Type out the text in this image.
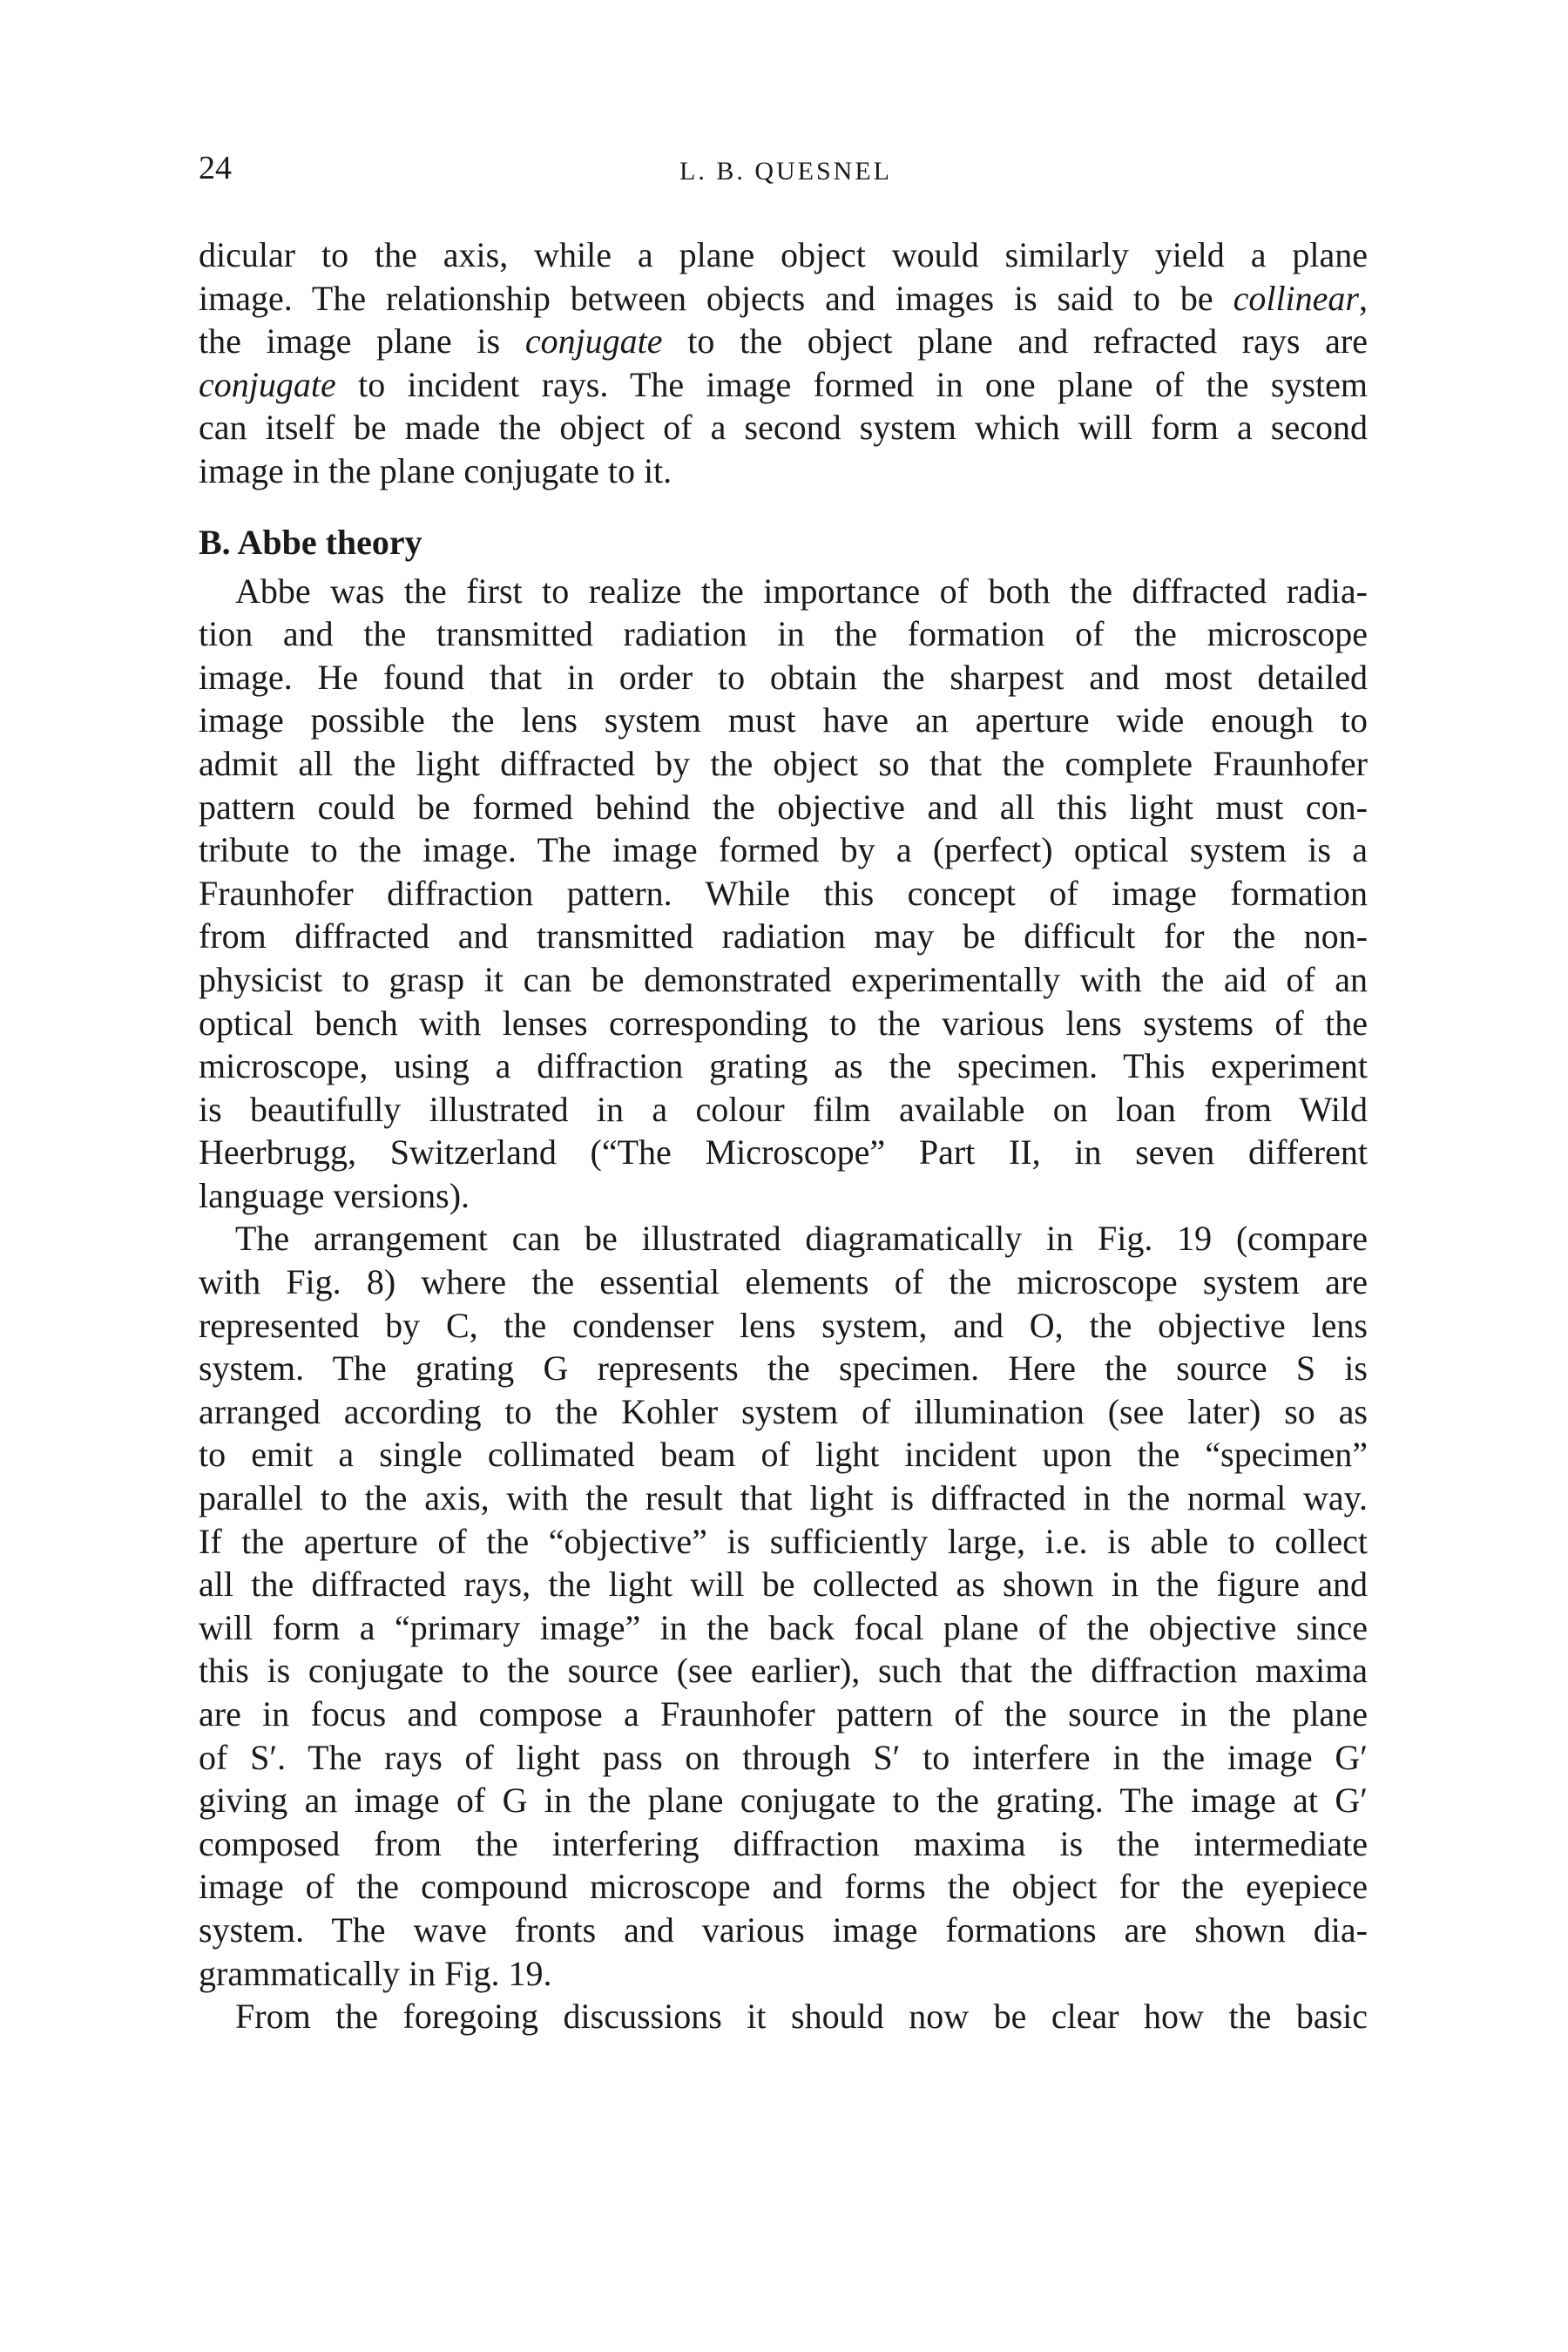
24	L. B. QUESNEL
dicular to the axis, while a plane object would similarly yield a plane
image. The relationship between objects and images is said to be collinear,
the image plane is conjugate to the object plane and refracted rays are
conjugate to incident rays. The image formed in one plane of the system
can itself be made the object of a second system which will form a second
image in the plane conjugate to it.
B. Abbe theory
Abbe was the first to realize the importance of both the diffracted radia-
tion and the transmitted radiation in the formation of the microscope
image. He found that in order to obtain the sharpest and most detailed
image possible the lens system must have an aperture wide enough to
admit all the light diffracted by the object so that the complete Fraunhofer
pattern could be formed behind the objective and all this light must con-
tribute to the image. The image formed by a (perfect) optical system is a
Fraunhofer diffraction pattern. While this concept of image formation
from diffracted and transmitted radiation may be difficult for the non-
physicist to grasp it can be demonstrated experimentally with the aid of an
optical bench with lenses corresponding to the various lens systems of the
microscope, using a diffraction grating as the specimen. This experiment
is beautifully illustrated in a colour film available on loan from Wild
Heerbrugg, Switzerland (“The Microscope” Part II, in seven different
language versions).
The arrangement can be illustrated diagramatically in Fig. 19 (compare
with Fig. 8) where the essential elements of the microscope system are
represented by C, the condenser lens system, and O, the objective lens
system. The grating G represents the specimen. Here the source S is
arranged according to the Kohler system of illumination (see later) so as
to emit a single collimated beam of light incident upon the “specimen”
parallel to the axis, with the result that light is diffracted in the normal way.
If the aperture of the “objective” is sufficiently large, i.e. is able to collect
all the diffracted rays, the light will be collected as shown in the figure and
will form a “primary image” in the back focal plane of the objective since
this is conjugate to the source (see earlier), such that the diffraction maxima
are in focus and compose a Fraunhofer pattern of the source in the plane
of S′. The rays of light pass on through S′ to interfere in the image G′
giving an image of G in the plane conjugate to the grating. The image at G′
composed from the interfering diffraction maxima is the intermediate
image of the compound microscope and forms the object for the eyepiece
system. The wave fronts and various image formations are shown dia-
grammatically in Fig. 19.
From the foregoing discussions it should now be clear how the basic
